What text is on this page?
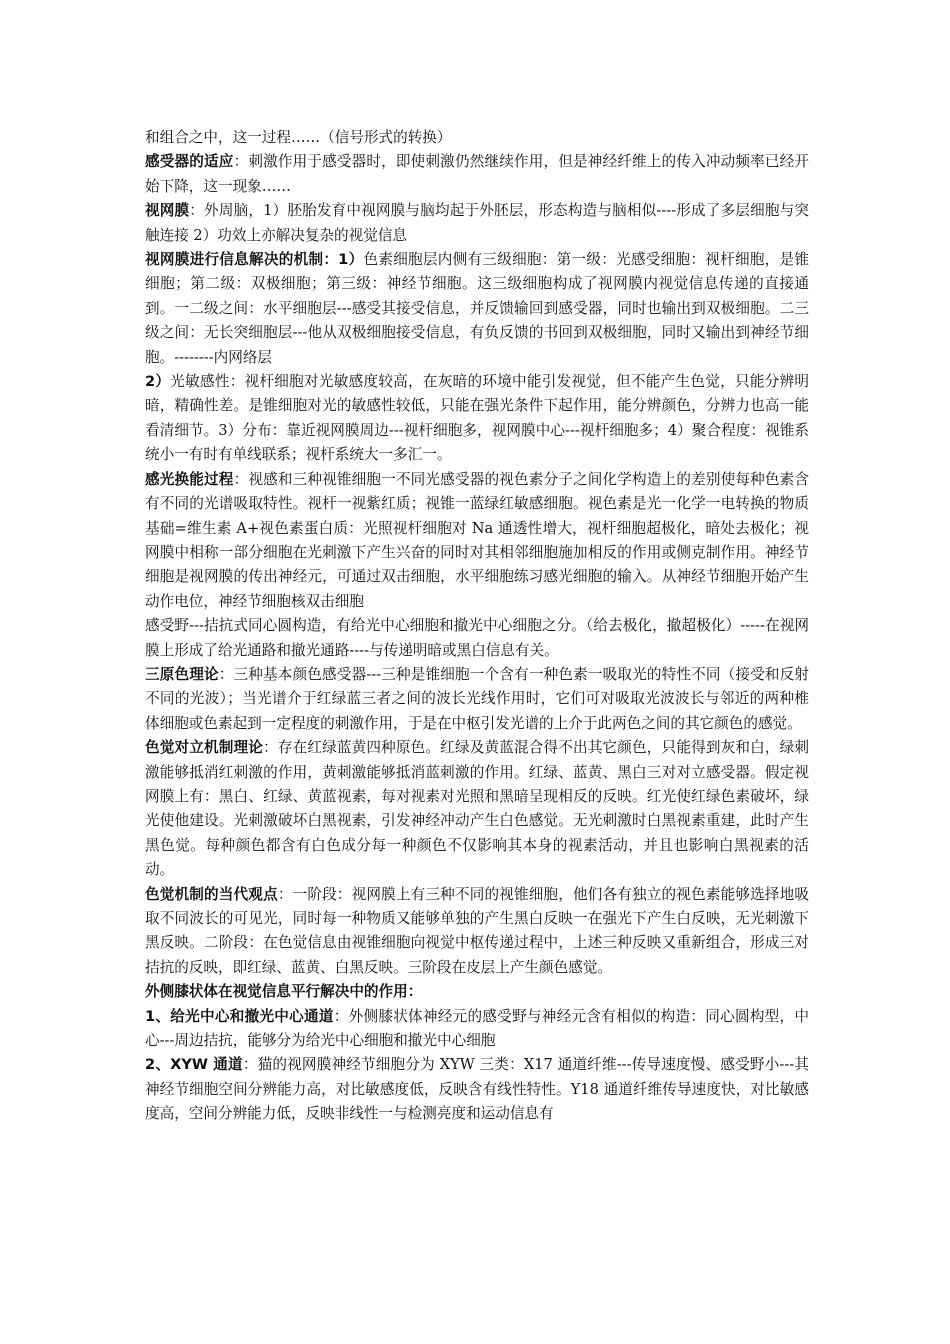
和组合之中，这一过程……（信号形式的转换）

感受器的适应：刺激作用于感受器时，即使刺激仍然继续作用，但是神经纤维上的传入冲动频率已经开始下降，这一现象……

视网膜：外周脑，1）胚胎发育中视网膜与脑均起于外胚层，形态构造与脑相似----形成了多层细胞与突触连接 2）功效上亦解决复杂的视觉信息

视网膜进行信息解决的机制：1）色素细胞层内侧有三级细胞：第一级：光感受细胞：视杆细胞，是锥细胞；第二级：双极细胞；第三级：神经节细胞。这三级细胞构成了视网膜内视觉信息传递的直接通到。一二级之间：水平细胞层---感受其接受信息，并反馈输回到感受器，同时也输出到双极细胞。二三级之间：无长突细胞层---他从双极细胞接受信息，有负反馈的书回到双极细胞，同时又输出到神经节细胞。--------内网络层

2）光敏感性：视杆细胞对光敏感度较高，在灰暗的环境中能引发视觉，但不能产生色觉，只能分辨明暗，精确性差。是锥细胞对光的敏感性较低，只能在强光条件下起作用，能分辨颜色，分辨力也高一能看清细节。3）分布：靠近视网膜周边---视杆细胞多，视网膜中心---视杆细胞多；4）聚合程度：视锥系统小一有时有单线联系；视杆系统大一多汇一。

感光换能过程：视感和三种视锥细胞一不同光感受器的视色素分子之间化学构造上的差别使每种色素含有不同的光谱吸取特性。视杆一视紫红质；视锥一蓝绿红敏感细胞。视色素是光一化学一电转换的物质基础=维生素 A+视色素蛋白质：光照视杆细胞对 Na 通透性增大，视杆细胞超极化，暗处去极化；视网膜中相称一部分细胞在光刺激下产生兴奋的同时对其相邻细胞施加相反的作用或侧克制作用。神经节细胞是视网膜的传出神经元，可通过双击细胞，水平细胞练习感光细胞的输入。从神经节细胞开始产生动作电位，神经节细胞核双击细胞

感受野---拮抗式同心圆构造，有给光中心细胞和撤光中心细胞之分。（给去极化，撤超极化）-----在视网膜上形成了给光通路和撤光通路----与传递明暗或黑白信息有关。

三原色理论：三种基本颜色感受器---三种是锥细胞一个含有一种色素一吸取光的特性不同（接受和反射不同的光波）；当光谱介于红绿蓝三者之间的波长光线作用时，它们可对吸取光波波长与邻近的两种椎体细胞或色素起到一定程度的刺激作用，于是在中枢引发光谱的上介于此两色之间的其它颜色的感觉。

色觉对立机制理论：存在红绿蓝黄四种原色。红绿及黄蓝混合得不出其它颜色，只能得到灰和白，绿刺激能够抵消红刺激的作用，黄刺激能够抵消蓝刺激的作用。红绿、蓝黄、黑白三对对立感受器。假定视网膜上有：黑白、红绿、黄蓝视素，每对视素对光照和黑暗呈现相反的反映。红光使红绿色素破坏，绿光使他建设。光刺激破坏白黑视素，引发神经冲动产生白色感觉。无光刺激时白黑视素重建，此时产生黑色觉。每种颜色都含有白色成分每一种颜色不仅影响其本身的视素活动，并且也影响白黑视素的活动。

色觉机制的当代观点：一阶段：视网膜上有三种不同的视锥细胞，他们各有独立的视色素能够选择地吸取不同波长的可见光，同时每一种物质又能够单独的产生黑白反映一在强光下产生白反映，无光刺激下黑反映。二阶段：在色觉信息由视锥细胞向视觉中枢传递过程中，上述三种反映又重新组合，形成三对拮抗的反映，即红绿、蓝黄、白黑反映。三阶段在皮层上产生颜色感觉。

外侧膝状体在视觉信息平行解决中的作用：

1、给光中心和撤光中心通道：外侧膝状体神经元的感受野与神经元含有相似的构造：同心圆构型，中心---周边拮抗，能够分为给光中心细胞和撤光中心细胞

2、XYW 通道：猫的视网膜神经节细胞分为 XYW 三类：X17 通道纤维---传导速度慢、感受野小---其神经节细胞空间分辨能力高，对比敏感度低，反映含有线性特性。Y18 通道纤维传导速度快，对比敏感度高，空间分辨能力低，反映非线性一与检测亮度和运动信息有
